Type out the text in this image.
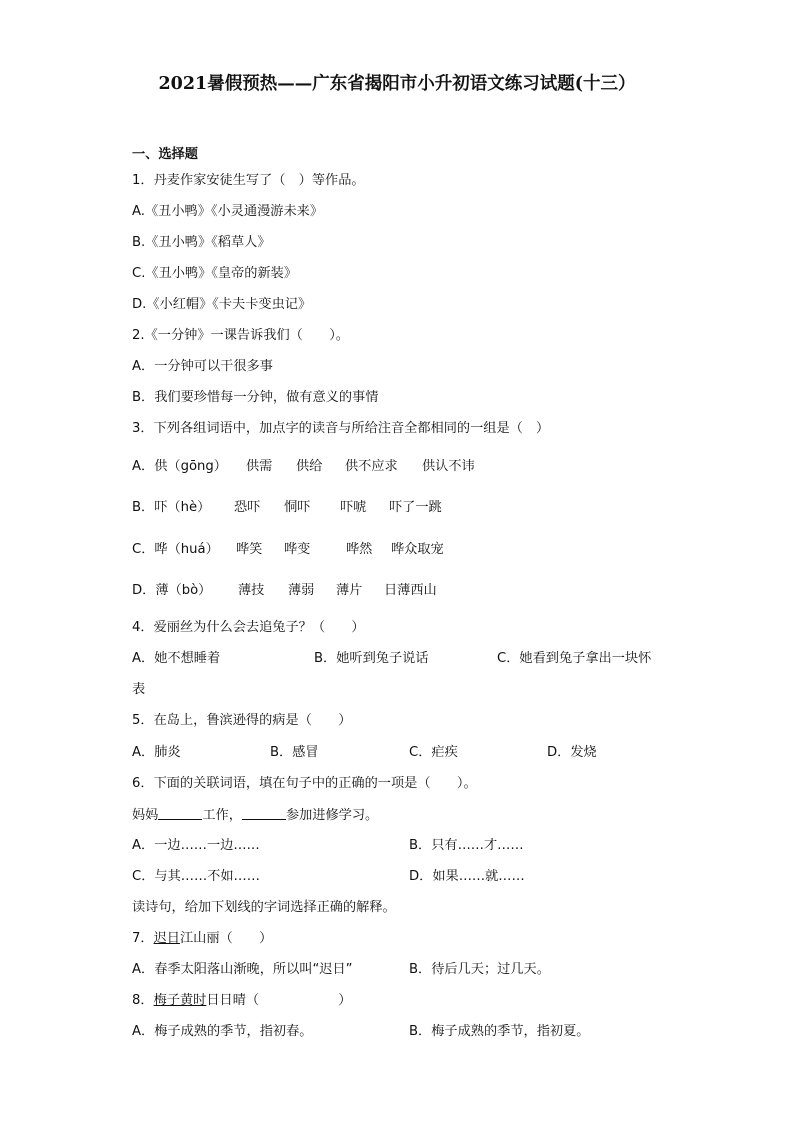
2021暑假预热——广东省揭阳市小升初语文练习试题(十三）
一、选择题
1．丹麦作家安徒生写了（　）等作品。
A.《丑小鸭》《小灵通漫游未来》
B.《丑小鸭》《稻草人》
C.《丑小鸭》《皇帝的新装》
D.《小红帽》《卡夫卡变虫记》
2.《一分钟》一课告诉我们（　　）。
A．一分钟可以干很多事
B．我们要珍惜每一分钟，做有意义的事情
3．下列各组词语中，加点字的读音与所给注音全都相同的一组是（　）
A．供（gōng） 供需 供给 供不应求 供认不讳
B．吓（hè） 恐吓 恫吓 吓唬 吓了一跳
C．哗（huá） 哗笑 哗变	哗然 哗众取宠
D．薄（bò） 薄技 薄弱 薄片 日薄西山
4．爱丽丝为什么会去追兔子？（　　）
A．她不想睡着	B．她听到兔子说话	C．她看到兔子拿出一块怀
表
5．在岛上，鲁滨逊得的病是（　　）
A．肺炎	B．感冒	C．疟疾	D．发烧
6．下面的关联词语，填在句子中的正确的一项是（　　）。
妈妈	工作，	参加进修学习。
A．一边……一边……	B．只有……才……
C．与其……不如……	D．如果……就……
读诗句，给加下划线的字词选择正确的解释。
7．迟日江山丽（　　）
A．春季太阳落山渐晚，所以叫“迟日”	B．待后几天；过几天。
8．梅子黄时日日晴（　　　　　　）
A．梅子成熟的季节，指初春。	B．梅子成熟的季节，指初夏。
